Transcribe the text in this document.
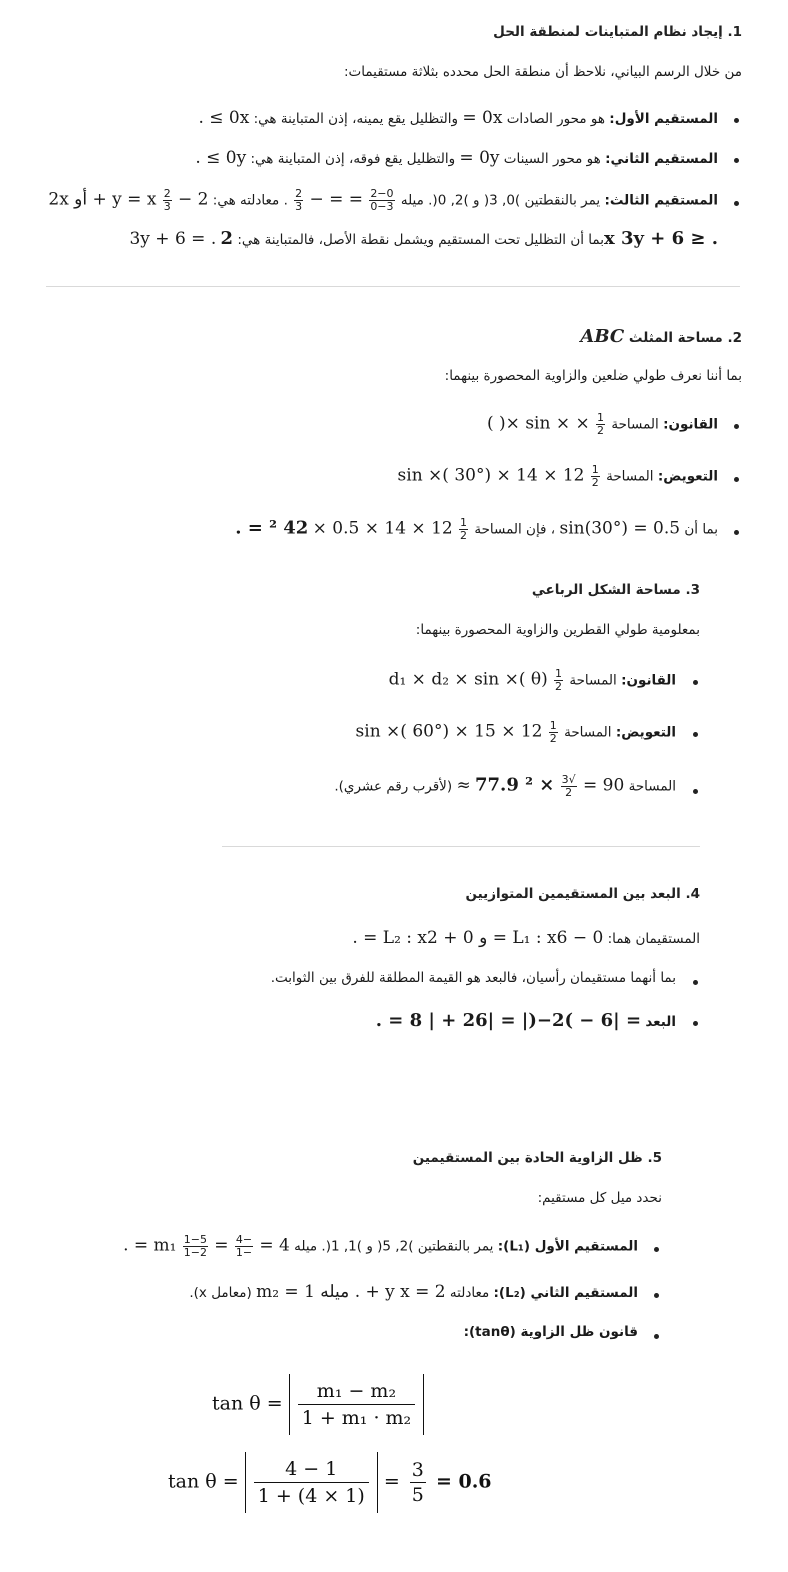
1. إيجاد نظام المتباينات لمنطقة الحل
من خلال الرسم البياني، نلاحظ أن منطقة الحل محدده بثلاثة مستقيمات:
المستقيم الأول: هو محور الصادات 0x = والتظليل يقع يمينه، إذن المتباينة هي: 0x ≥ .
المستقيم الثاني: هو محور السينات 0y = والتظليل يقع فوقه، إذن المتباينة هي: 0y ≥ .
المستقيم الثالث: يمر بالنقطتين )0, 3( و )2, 0(. ميله
$\frac{2-0}{0-3}$
= = −
$\frac{2}{3}$
. معادلته هي: y = x $\frac{2}{3}$
− 2 + أو 2x
3y + 6 = . بما أن التظليل تحت المستقيم ويشمل نقطة الأصل، فالمتباينة هي: 2x 3y + 6 ≥ .
2. مساحة المثلث ABC
بما أننا نعرف طولي ضلعين والزاوية المحصورة بينهما:
القانون: المساحة
$\frac{1}{2}$
× × sin ×( )
التعويض: المساحة
$\frac{1}{2}$
12 × 14 × sin ×( 30°)
بما أن sin(30°) = 0.5 ، فإن المساحة
$\frac{1}{2}$
12 × 14 × 0.5 × 42 ² = .
3. مساحة الشكل الرباعي
بمعلومية طولي القطرين والزاوية المحصورة بينهما:
القانون: المساحة
$\frac{1}{2}$
d₁ × d₂ × sin ×( θ)
التعويض: المساحة
$\frac{1}{2}$
12 × 15 × sin ×( 60°)
المساحة 90 =
$\frac{√3}{2}$
× ² 77.9 ≈ (لأقرب رقم عشري).
4. البعد بين المستقيمين المتوازيين
المستقيمان هما: L₁ : x6 − 0 = و L₂ : x2 + 0 = .
بما أنهما مستقيمان رأسيان، فالبعد هو القيمة المطلقة للفرق بين الثوابت.
البعد = |6 − )2−(| = |26 + | 8 = .
5. ظل الزاوية الحادة بين المستقيمين
نحدد ميل كل مستقيم:
المستقيم الأول (L₁): يمر بالنقطتين )2, 5( و )1, 1(. ميله $m_1 \frac{1-5}{1-2} = \frac{-4}{-1}$
= 4 = .
المستقيم الثاني (L₂): معادلته y x = 2 + . ميله m₂ = 1 (معامل x).
قانون ظل الزاوية (tanθ):
$\tan \theta = \frac{\text{m₁ − m₂}}{\text{1 + m₁ · m₂}}$
$\tan \theta = \frac{4 - 1}{1 + (4 \times 1)} = \frac{3}{5} = 0.6$
